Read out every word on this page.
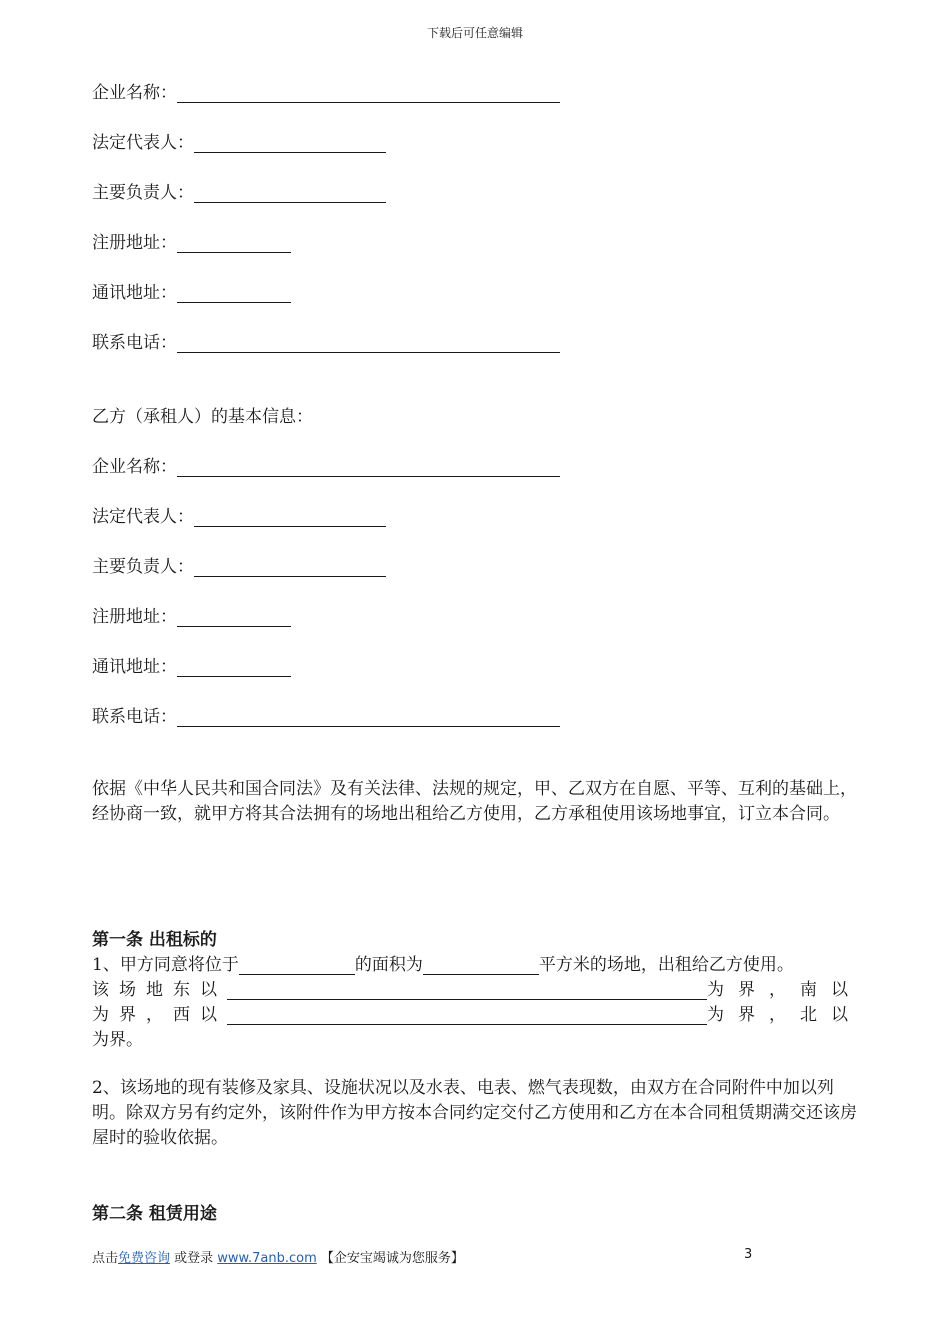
下载后可任意编辑
企业名称：
法定代表人：
主要负责人：
注册地址：
通讯地址：
联系电话：
乙方（承租人）的基本信息：
企业名称：
法定代表人：
主要负责人：
注册地址：
通讯地址：
联系电话：
依据《中华人民共和国合同法》及有关法律、法规的规定，甲、乙双方在自愿、平等、互利的基础上，经协商一致，就甲方将其合法拥有的场地出租给乙方使用，乙方承租使用该场地事宜，订立本合同。
第一条 出租标的
1、甲方同意将位于	的面积为	平方米的场地，出租给乙方使用。
该场地东以	为界，南以
为界，西以	为界，北以
为界。
2、该场地的现有装修及家具、设施状况以及水表、电表、燃气表现数，由双方在合同附件中加以列明。除双方另有约定外，该附件作为甲方按本合同约定交付乙方使用和乙方在本合同租赁期满交还该房屋时的验收依据。
第二条 租赁用途
点击免费咨询 或登录 www.7anb.com 【企安宝竭诚为您服务】	3
